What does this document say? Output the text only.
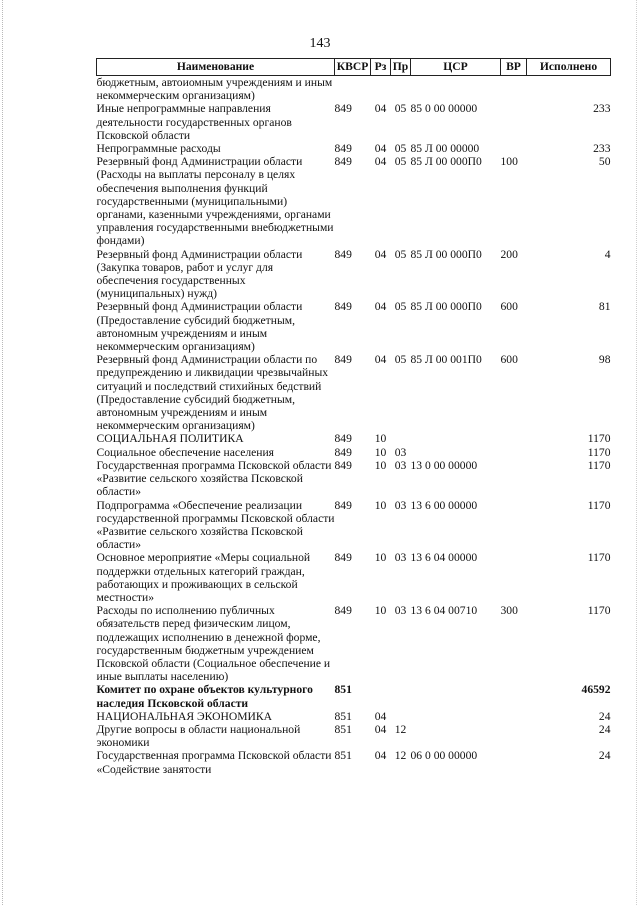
143
Наименование	КВСР	Рз	Пр	ЦСР	ВР	Исполнено
бюджетным, автоиомным учреждениям и иным некоммерческим организациям)						
Иные непрограммные направления деятельности государственных органов Псковской области	849	04	05	85 0 00 00000		233
Непрограммные расходы	849	04	05	85 Л 00 00000		233
Резервный фонд Администрации области (Расходы на выплаты персоналу в целях обеспечения выполнения функций государственными (муниципальными) органами, казенными учреждениями, органами управления государственными внебюджетными фондами)	849	04	05	85 Л 00 000П0	100	50
Резервный фонд Администрации области (Закупка товаров, работ и услуг для обеспечения государственных (муниципальных) нужд)	849	04	05	85 Л 00 000П0	200	4
Резервный фонд Администрации области (Предоставление субсидий бюджетным, автономным учреждениям и иным некоммерческим организациям)	849	04	05	85 Л 00 000П0	600	81
Резервный фонд Администрации области по предупреждению и ликвидации чрезвычайных ситуаций и последствий стихийных бедствий (Предоставление субсидий бюджетным, автономным учреждениям и иным некоммерческим организациям)	849	04	05	85 Л 00 001П0	600	98
СОЦИАЛЬНАЯ ПОЛИТИКА	849	10				1170
Социальное обеспечение населения	849	10	03			1170
Государственная программа Псковской области «Развитие сельского хозяйства Псковской области»	849	10	03	13 0 00 00000		1170
Подпрограмма «Обеспечение реализации государственной программы Псковской области «Развитие сельского хозяйства Псковской области»	849	10	03	13 6 00 00000		1170
Основное мероприятие «Меры социальной поддержки отдельных категорий граждан, работающих и проживающих в сельской местности»	849	10	03	13 6 04 00000		1170
Расходы по исполнению публичных обязательств перед физическим лицом, подлежащих исполнению в денежной форме, государственным бюджетным учреждением Псковской области (Социальное обеспечение и иные выплаты населению)	849	10	03	13 6 04 00710	300	1170
Комитет по охране объектов культурного наследия Псковской области	851					46592
НАЦИОНАЛЬНАЯ ЭКОНОМИКА	851	04				24
Другие вопросы в области национальной экономики	851	04	12			24
Государственная программа Псковской области «Содействие занятости	851	04	12	06 0 00 00000		24
